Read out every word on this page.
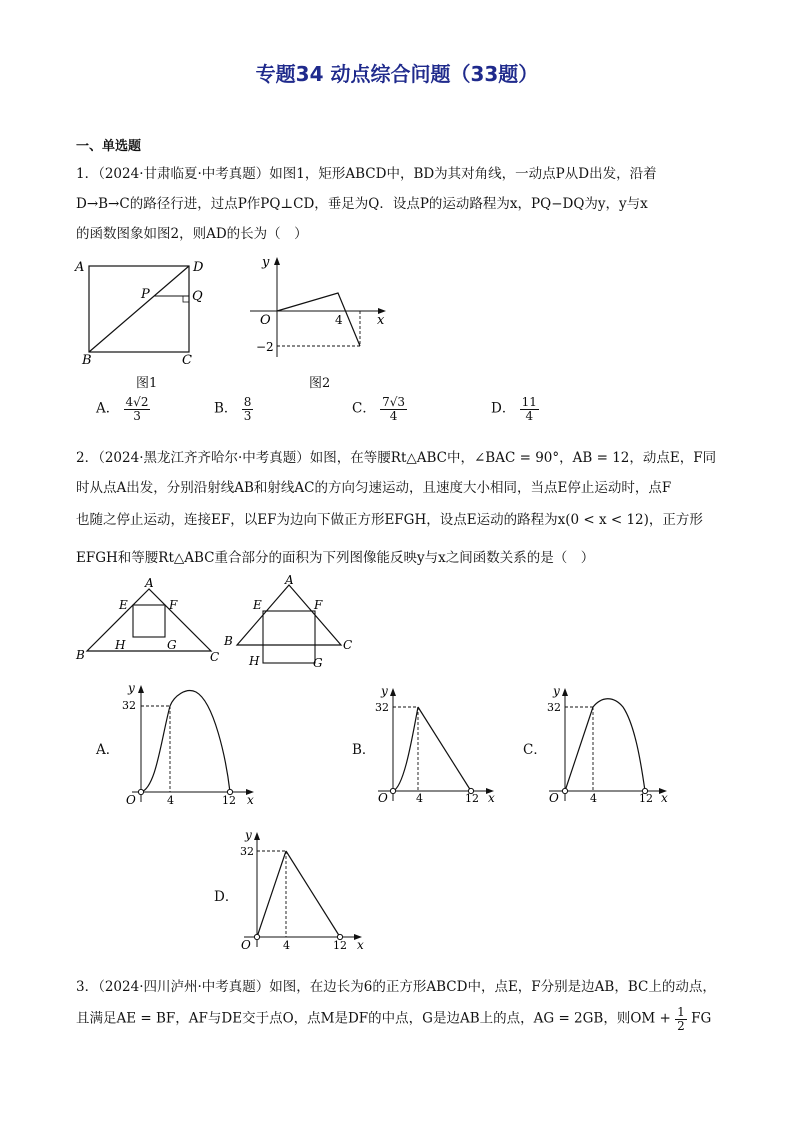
专题34 动点综合问题（33题）
一、单选题
1．（2024·甘肃临夏·中考真题）如图1，矩形ABCD中，BD为其对角线，一动点P从D出发，沿着
D→B→C的路径行进，过点P作PQ⊥CD，垂足为Q．设点P的运动路程为x，PQ−DQ为y，y与x
的函数图象如图2，则AD的长为（　）
A	D
P	Q
B	C
图1
y
O	4	x
−2
图2
A． $\frac{4√2}{3}$	B． $\frac{8}{3}$	C． $\frac{7√3}{4}$	D． $\frac{11}{4}$
2．（2024·黑龙江齐齐哈尔·中考真题）如图，在等腰Rt△ABC中，∠BAC = 90°，AB = 12，动点E，F同
时从点A出发，分别沿射线AB和射线AC的方向匀速运动，且速度大小相同，当点E停止运动时，点F
也随之停止运动，连接EF，以EF为边向下做正方形EFGH，设点E运动的路程为x(0 < x < 12)，正方形
EFGH和等腰Rt△ABC重合部分的面积为下列图像能反映y与x之间函数关系的是（　）
A
E	F
H	G
B	C
A
E	F
H	G
B	C
A．
y
32
O	4	12 x
B．
y
32
O	4	12 x
C．
y
32
O	4	12 x
D．
y
32
O	4	12 x
3．（2024·四川泸州·中考真题）如图，在边长为6的正方形ABCD中，点E，F分别是边AB，BC上的动点，
且满足AE = BF，AF与DE交于点O，点M是DF的中点，G是边AB上的点，AG = 2GB，则OM + $\frac{1}{2}$ FG
